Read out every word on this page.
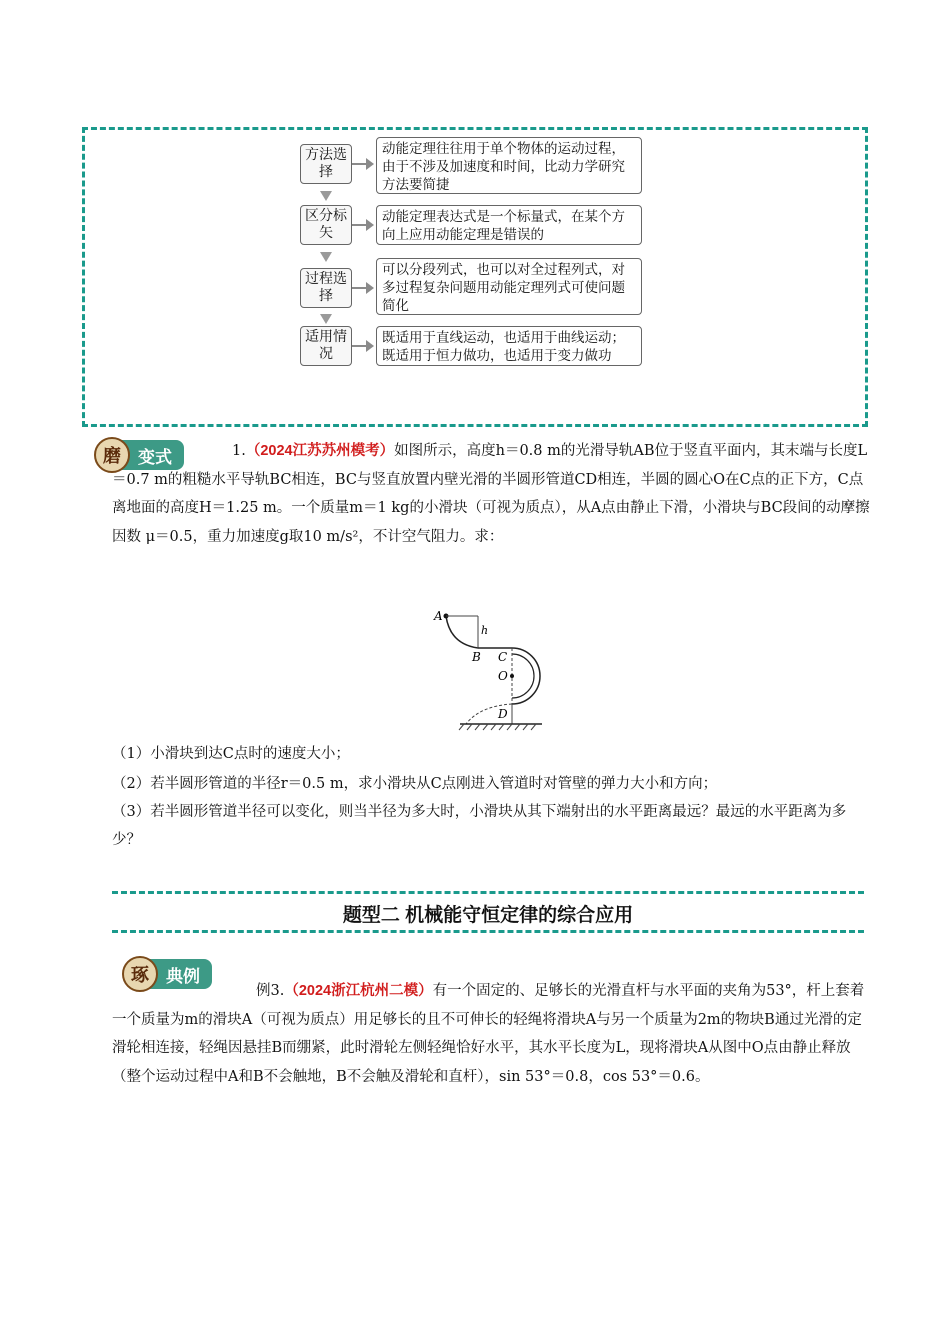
方法选择
动能定理往往用于单个物体的运动过程，由于不涉及加速度和时间，比动力学研究方法要简捷
区分标矢
动能定理表达式是一个标量式，在某个方向上应用动能定理是错误的
过程选择
可以分段列式，也可以对全过程列式，对多过程复杂问题用动能定理列式可使问题简化
适用情况
既适用于直线运动，也适用于曲线运动；既适用于恒力做功，也适用于变力做功
磨 变式	1.（2024江苏苏州模考）如图所示，高度h＝0.8 m的光滑导轨AB位于竖直平面内，其末端与长度L＝0.7 m的粗糙水平导轨BC相连，BC与竖直放置内壁光滑的半圆形管道CD相连，半圆的圆心O在C点的正下方，C点离地面的高度H＝1.25 m。一个质量m＝1 kg的小滑块（可视为质点），从A点由静止下滑，小滑块与BC段间的动摩擦因数 μ＝0.5，重力加速度g取10 m/s²，不计空气阻力。求：
A
h
B C
O
D
（1）小滑块到达C点时的速度大小；
（2）若半圆形管道的半径r＝0.5 m，求小滑块从C点刚进入管道时对管壁的弹力大小和方向；
（3）若半圆形管道半径可以变化，则当半径为多大时，小滑块从其下端射出的水平距离最远？最远的水平距离为多少？
题型二 机械能守恒定律的综合应用
琢 典例
例3.（2024浙江杭州二模）有一个固定的、足够长的光滑直杆与水平面的夹角为53°，杆上套着一个质量为m的滑块A（可视为质点）用足够长的且不可伸长的轻绳将滑块A与另一个质量为2m的物块B通过光滑的定滑轮相连接，轻绳因悬挂B而绷紧，此时滑轮左侧轻绳恰好水平，其水平长度为L，现将滑块A从图中O点由静止释放（整个运动过程中A和B不会触地，B不会触及滑轮和直杆），sin 53°＝0.8，cos 53°＝0.6。
